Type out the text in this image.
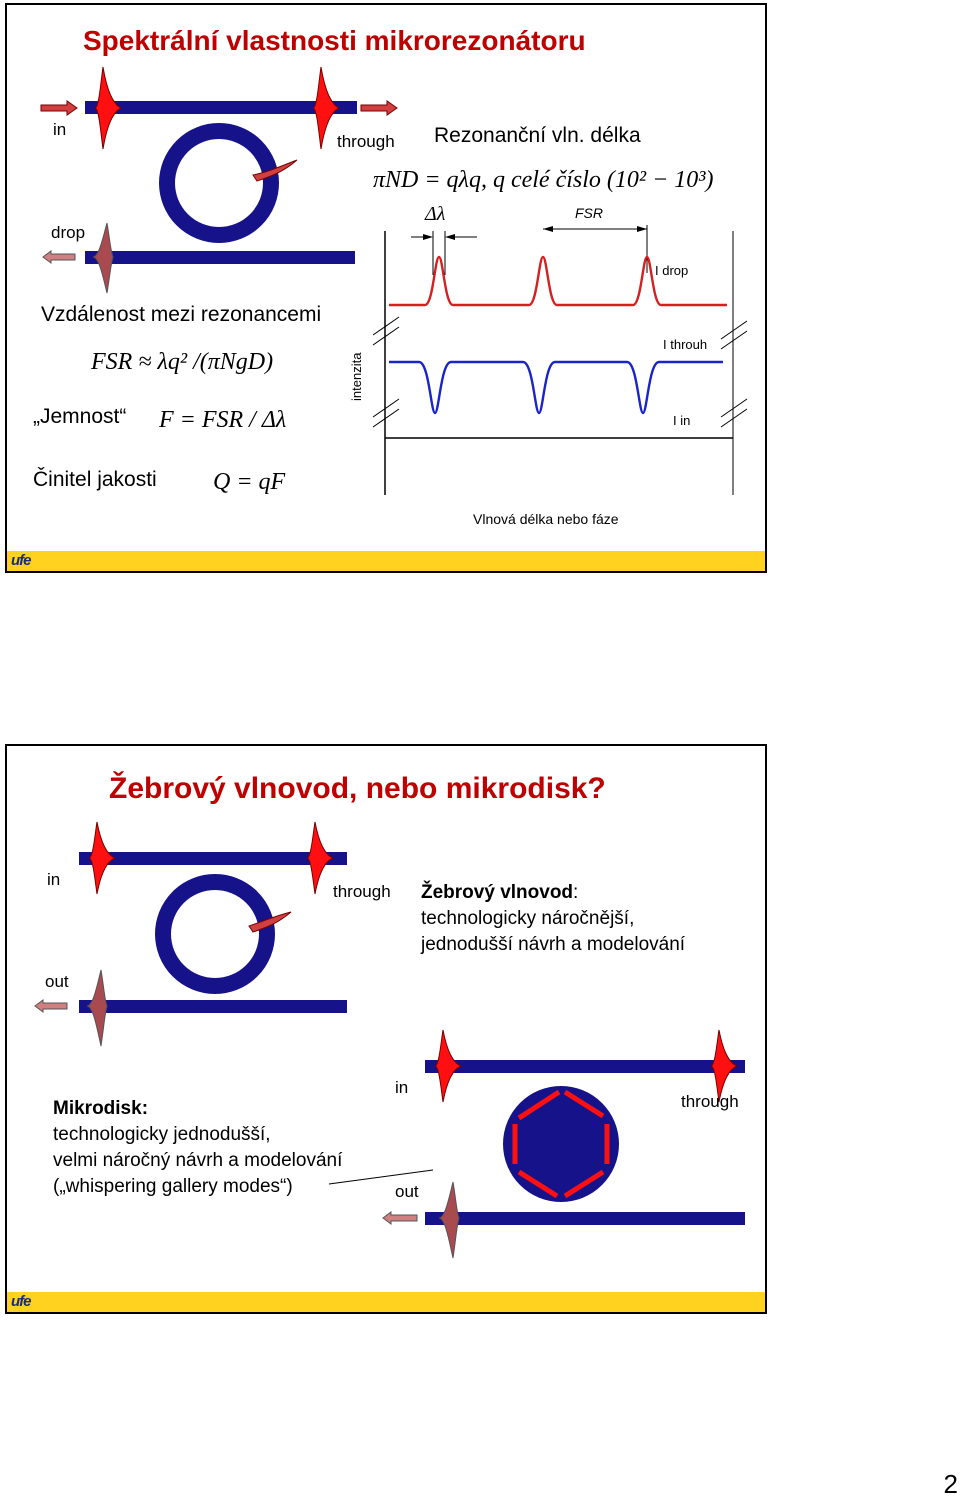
Spektrální vlastnosti mikrorezonátoru
in
through
drop
Rezonanční vln. délka
πND = qλq, q celé číslo (10² − 10³)
Δλ	FSR
I drop
I throuh
I in
intenzita
Vlnová délka nebo fáze
Vzdálenost mezi rezonancemi
FSR ≈ λq² /(πNgD)
„Jemnost“ F = FSR / Δλ
Činitel jakosti Q = qF
ufe
Žebrový vlnovod, nebo mikrodisk?
in
through
out
Žebrový vlnovod:
technologicky náročnější,
jednodušší návrh a modelování
Mikrodisk:
technologicky jednodušší,
velmi náročný návrh a modelování
(„whispering gallery modes“)
in
out
through
ufe
2
